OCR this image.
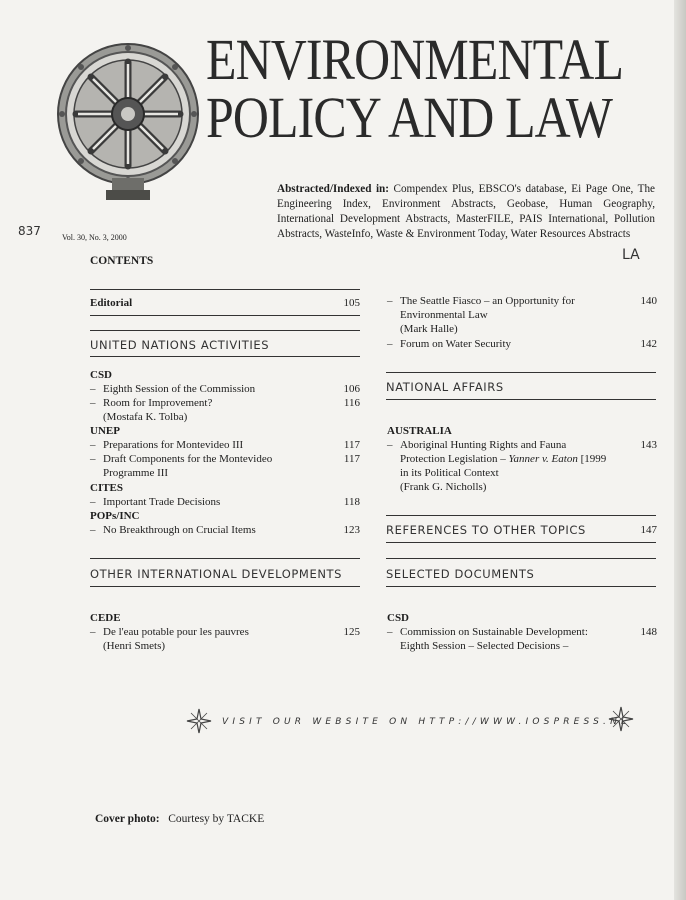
ENVIRONMENTAL
POLICY AND LAW
Abstracted/Indexed in: Compendex Plus, EBSCO's database, Ei Page One, The Engineering Index, Environment Abstracts, Geobase, Human Geography, International Development Abstracts, MasterFILE, PAIS International, Pollution Abstracts, WasteInfo, Waste & Environment Today, Water Resources Abstracts
837	Vol. 30, No. 3, 2000
LA
CONTENTS
Editorial	105
UNITED NATIONS ACTIVITIES
CSD
– Eighth Session of the Commission	106
– Room for Improvement?	116
(Mostafa K. Tolba)
UNEP
– Preparations for Montevideo III	117
– Draft Components for the Montevideo	117
Programme III
CITES
– Important Trade Decisions	118
POPs/INC
– No Breakthrough on Crucial Items	123
OTHER INTERNATIONAL DEVELOPMENTS
CEDE
– De l'eau potable pour les pauvres	125
(Henri Smets)
– The Seattle Fiasco – an Opportunity for	140
Environmental Law
(Mark Halle)
– Forum on Water Security	142
NATIONAL AFFAIRS
AUSTRALIA
– Aboriginal Hunting Rights and Fauna	143
Protection Legislation – Yanner v. Eaton [1999
in its Political Context
(Frank G. Nicholls)
REFERENCES TO OTHER TOPICS	147
SELECTED DOCUMENTS
CSD
– Commission on Sustainable Development:	148
Eighth Session – Selected Decisions –
VISIT OUR WEBSITE ON HTTP://WWW.IOSPRESS.NL
Cover photo: Courtesy by TACKE
